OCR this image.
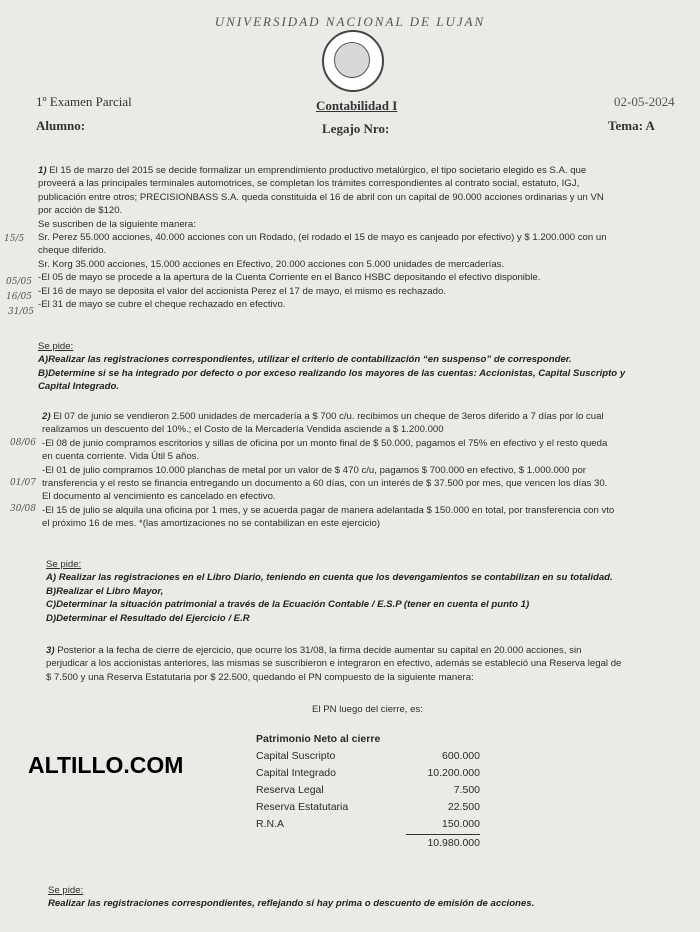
UNIVERSIDAD NACIONAL DE LUJAN
1º Examen Parcial	Contabilidad I	02-05-2024
Alumno:	Legajo Nro:	Tema: A
1) El 15 de marzo del 2015 se decide formalizar un emprendimiento productivo metalúrgico, el tipo societario elegido es S.A. que
proveerá a las principales terminales automotrices, se completan los trámites correspondientes al contrato social, estatuto, IGJ,
publicación entre otros; PRECISIONBASS S.A. queda constituida el 16 de abril con un capital de 90.000 acciones ordinarias y un VN
por acción de $120.
Se suscriben de la siguiente manera:
Sr. Perez 55.000 acciones, 40.000 acciones con un Rodado, (el rodado el 15 de mayo es canjeado por efectivo) y $ 1.200.000 con un
cheque diferido.
Sr. Korg 35.000 acciones, 15.000 acciones en Efectivo, 20.000 acciones con 5.000 unidades de mercaderías.
-El 05 de mayo se procede a la apertura de la Cuenta Corriente en el Banco HSBC depositando el efectivo disponible.
-El 16 de mayo se deposita el valor del accionista Perez el 17 de mayo, el mismo es rechazado.
-El 31 de mayo se cubre el cheque rechazado en efectivo.
15/5
05/05
16/05
31/05
Se pide:
A)Realizar las registraciones correspondientes, utilizar el criterio de contabilización “en suspenso” de corresponder.
B)Determine si se ha integrado por defecto o por exceso realizando los mayores de las cuentas: Accionistas, Capital Suscripto y
Capital Integrado.
2) El 07 de junio se vendieron 2.500 unidades de mercadería a $ 700 c/u. recibimos un cheque de 3eros diferido a 7 días por lo cual
realizamos un descuento del 10%.; el Costo de la Mercadería Vendida asciende a $ 1.200.000
-El 08 de junio compramos escritorios y sillas de oficina por un monto final de $ 50.000, pagamos el 75% en efectivo y el resto queda
en cuenta corriente. Vida Útil 5 años.
-El 01 de julio compramos 10.000 planchas de metal por un valor de $ 470 c/u, pagamos $ 700.000 en efectivo, $ 1.000.000 por
transferencia y el resto se financia entregando un documento a 60 días, con un interés de $ 37.500 por mes, que vencen los días 30.
El documento al vencimiento es cancelado en efectivo.
-El 15 de julio se alquila una oficina por 1 mes, y se acuerda pagar de manera adelantada $ 150.000 en total, por transferencia con vto
el próximo 16 de mes. *(las amortizaciones no se contabilizan en este ejercicio)
08/06
01/07
30/08
Se pide:
A) Realizar las registraciones en el Libro Diario, teniendo en cuenta que los devengamientos se contabilizan en su totalidad.
B)Realizar el Libro Mayor,
C)Determinar la situación patrimonial a través de la Ecuación Contable / E.S.P (tener en cuenta el punto 1)
D)Determinar el Resultado del Ejercicio / E.R
3) Posterior a la fecha de cierre de ejercicio, que ocurre los 31/08, la firma decide aumentar su capital en 20.000 acciones, sin
perjudicar a los accionistas anteriores, las mismas se suscribieron e integraron en efectivo, además se estableció una Reserva legal de
$ 7.500 y una Reserva Estatutaria por $ 22.500, quedando el PN compuesto de la siguiente manera:
El PN luego del cierre, es:
Patrimonio Neto al cierre
Capital Suscripto	600.000
Capital Integrado	10.200.000
Reserva Legal	7.500
Reserva Estatutaria	22.500
R.N.A	150.000
10.980.000
ALTILLO.COM
Se pide:
Realizar las registraciones correspondientes, reflejando si hay prima o descuento de emisión de acciones.
